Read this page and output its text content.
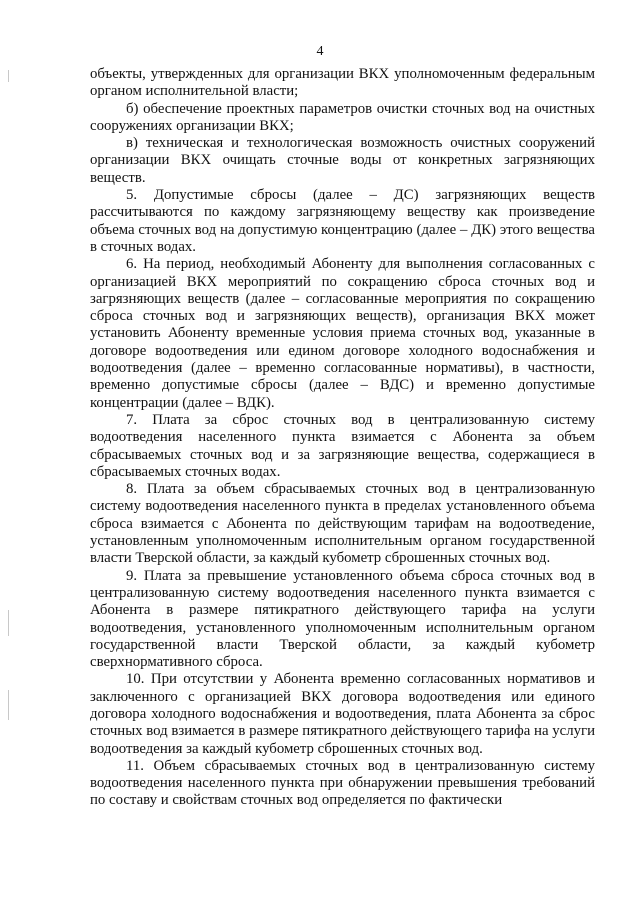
4

объекты, утвержденных для организации ВКХ уполномоченным федеральным органом исполнительной власти;

б) обеспечение проектных параметров очистки сточных вод на очистных сооружениях организации ВКХ;

в) техническая и технологическая возможность очистных сооружений организации ВКХ очищать сточные воды от конкретных загрязняющих веществ.

5. Допустимые сбросы (далее – ДС) загрязняющих веществ рассчитываются по каждому загрязняющему веществу как произведение объема сточных вод на допустимую концентрацию (далее – ДК) этого вещества в сточных водах.

6. На период, необходимый Абоненту для выполнения согласованных с организацией ВКХ мероприятий по сокращению сброса сточных вод и загрязняющих веществ (далее – согласованные мероприятия по сокращению сброса сточных вод и загрязняющих веществ), организация ВКХ может установить Абоненту временные условия приема сточных вод, указанные в договоре водоотведения или едином договоре холодного водоснабжения и водоотведения (далее – временно согласованные нормативы), в частности, временно допустимые сбросы (далее – ВДС) и временно допустимые концентрации (далее – ВДК).

7. Плата за сброс сточных вод в централизованную систему водоотведения населенного пункта взимается с Абонента за объем сбрасываемых сточных вод и за загрязняющие вещества, содержащиеся в сбрасываемых сточных водах.

8. Плата за объем сбрасываемых сточных вод в централизованную систему водоотведения населенного пункта в пределах установленного объема сброса взимается с Абонента по действующим тарифам на водоотведение, установленным уполномоченным исполнительным органом государственной власти Тверской области, за каждый кубометр сброшенных сточных вод.

9. Плата за превышение установленного объема сброса сточных вод в централизованную систему водоотведения населенного пункта взимается с Абонента в размере пятикратного действующего тарифа на услуги водоотведения, установленного уполномоченным исполнительным органом государственной власти Тверской области, за каждый кубометр сверхнормативного сброса.

10. При отсутствии у Абонента временно согласованных нормативов и заключенного с организацией ВКХ договора водоотведения или единого договора холодного водоснабжения и водоотведения, плата Абонента за сброс сточных вод взимается в размере пятикратного действующего тарифа на услуги водоотведения за каждый кубометр сброшенных сточных вод.

11. Объем сбрасываемых сточных вод в централизованную систему водоотведения населенного пункта при обнаружении превышения требований по составу и свойствам сточных вод определяется по фактически
